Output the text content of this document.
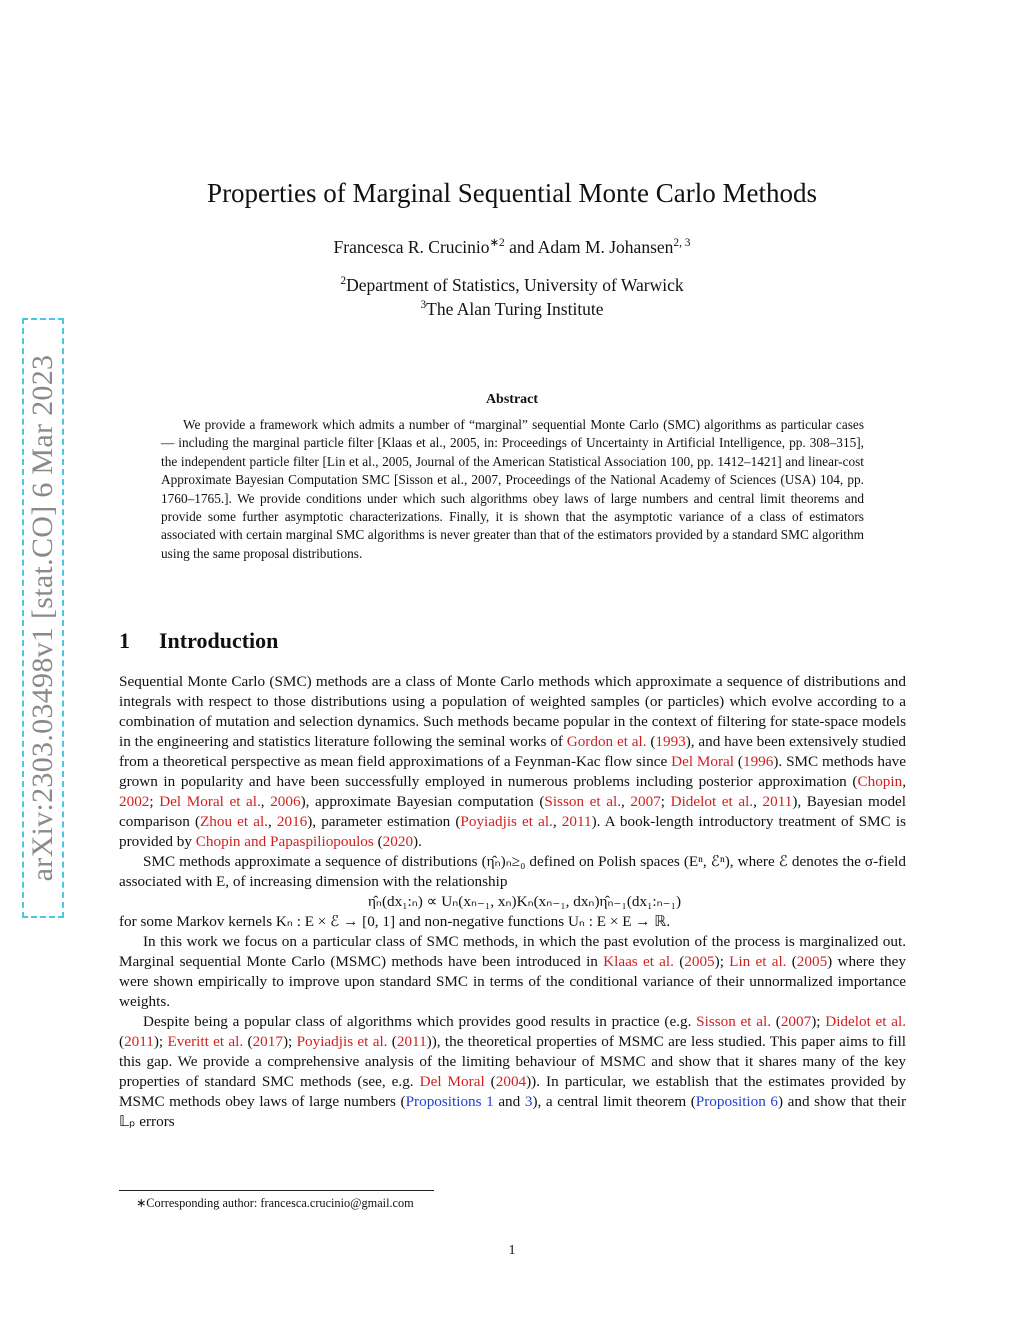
arXiv:2303.03498v1 [stat.CO] 6 Mar 2023
Properties of Marginal Sequential Monte Carlo Methods
Francesca R. Crucinio$^{∗2}$ and Adam M. Johansen$^{2, 3}$
$^2$Department of Statistics, University of Warwick
$^3$The Alan Turing Institute
Abstract
We provide a framework which admits a number of “marginal” sequential Monte Carlo (SMC) algorithms as particular cases — including the marginal particle filter [Klaas et al., 2005, in: Proceedings of Uncertainty in Artificial Intelligence, pp. 308–315], the independent particle filter [Lin et al., 2005, Journal of the American Statistical Association 100, pp. 1412–1421] and linear-cost Approximate Bayesian Computation SMC [Sisson et al., 2007, Proceedings of the National Academy of Sciences (USA) 104, pp. 1760–1765.]. We provide conditions under which such algorithms obey laws of large numbers and central limit theorems and provide some further asymptotic characterizations. Finally, it is shown that the asymptotic variance of a class of estimators associated with certain marginal SMC algorithms is never greater than that of the estimators provided by a standard SMC algorithm using the same proposal distributions.
1 Introduction

Sequential Monte Carlo (SMC) methods are a class of Monte Carlo methods which approximate a sequence of distributions and integrals with respect to those distributions using a population of weighted samples (or particles) which evolve according to a combination of mutation and selection dynamics. Such methods became popular in the context of filtering for state-space models in the engineering and statistics literature following the seminal works of Gordon et al. (1993), and have been extensively studied from a theoretical perspective as mean field approximations of a Feynman-Kac flow since Del Moral (1996). SMC methods have grown in popularity and have been successfully employed in numerous problems including posterior approximation (Chopin, 2002; Del Moral et al., 2006), approximate Bayesian computation (Sisson et al., 2007; Didelot et al., 2011), Bayesian model comparison (Zhou et al., 2016), parameter estimation (Poyiadjis et al., 2011). A book-length introductory treatment of SMC is provided by Chopin and Papaspiliopoulos (2020).

SMC methods approximate a sequence of distributions (η̂ₙ)ₙ≥₀ defined on Polish spaces (Eⁿ, ℰⁿ), where ℰ denotes the σ-field associated with E, of increasing dimension with the relationship

η̂ₙ(dx₁:ₙ) ∝ Uₙ(xₙ₋₁, xₙ)Kₙ(xₙ₋₁, dxₙ)η̂ₙ₋₁(dx₁:ₙ₋₁)

for some Markov kernels Kₙ : E × ℰ → [0, 1] and non-negative functions Uₙ : E × E → ℝ.

In this work we focus on a particular class of SMC methods, in which the past evolution of the process is marginalized out. Marginal sequential Monte Carlo (MSMC) methods have been introduced in Klaas et al. (2005); Lin et al. (2005) where they were shown empirically to improve upon standard SMC in terms of the conditional variance of their unnormalized importance weights.

Despite being a popular class of algorithms which provides good results in practice (e.g. Sisson et al. (2007); Didelot et al. (2011); Everitt et al. (2017); Poyiadjis et al. (2011)), the theoretical properties of MSMC are less studied. This paper aims to fill this gap. We provide a comprehensive analysis of the limiting behaviour of MSMC and show that it shares many of the key properties of standard SMC methods (see, e.g. Del Moral (2004)). In particular, we establish that the estimates provided by MSMC methods obey laws of large numbers (Propositions 1 and 3), a central limit theorem (Proposition 6) and show that their 𝕃ₚ errors

∗Corresponding author: francesca.crucinio@gmail.com
1
